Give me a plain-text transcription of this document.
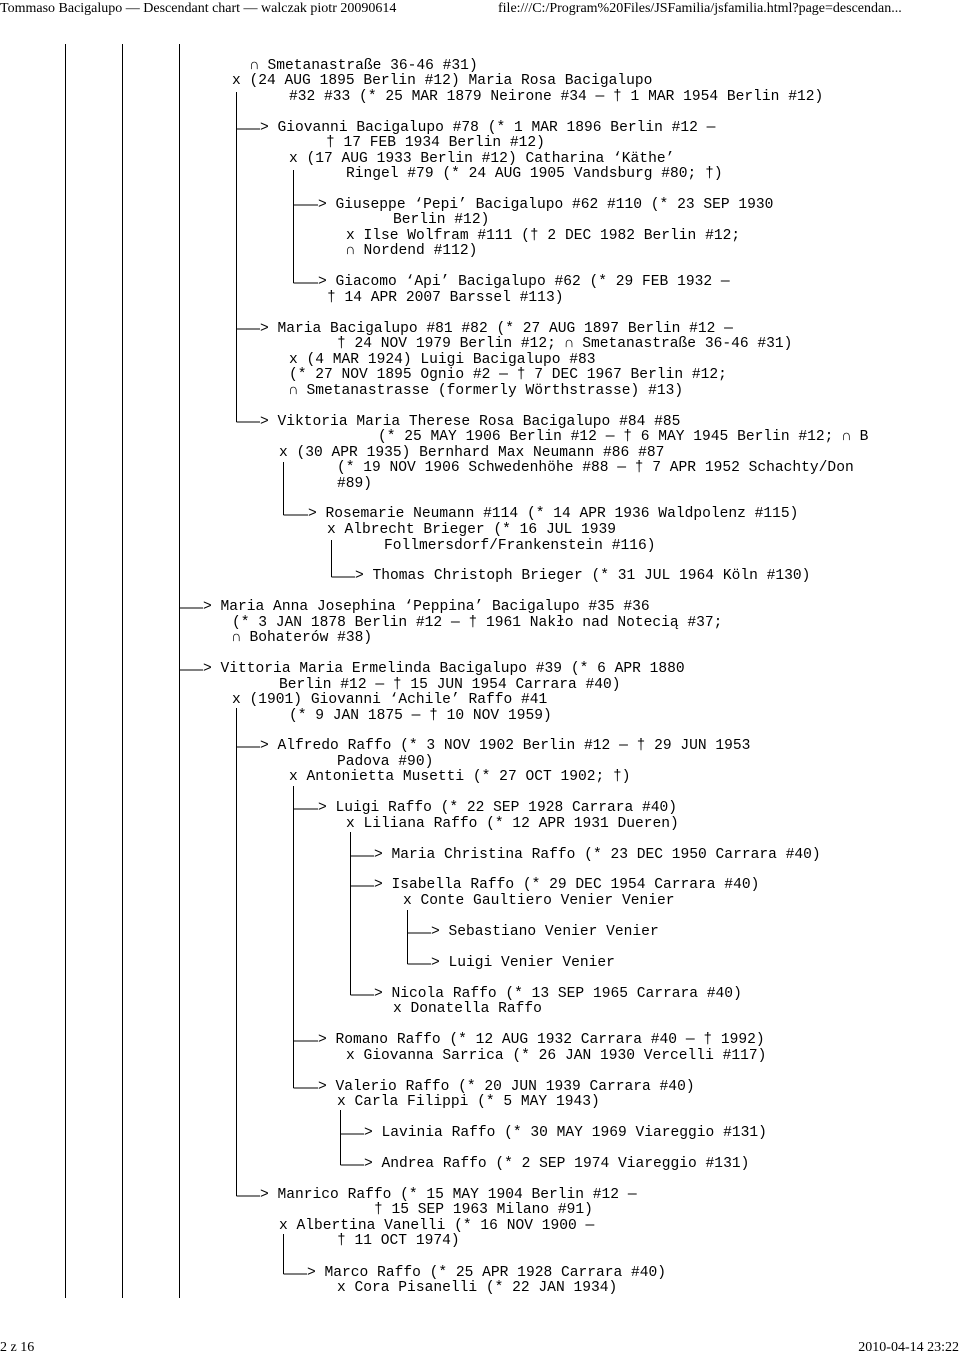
Tommaso Bacigalupo — Descendant chart — walczak piotr 20090614	file:///C:/Program%20Files/JSFamilia/jsfamilia.html?page=descendan...
∩ Smetanastraße 36-46 #31)
x (24 AUG 1895 Berlin #12) Maria Rosa Bacigalupo
#32 #33 (* 25 MAR 1879 Neirone #34 — † 1 MAR 1954 Berlin #12)
> Giovanni Bacigalupo #78 (* 1 MAR 1896 Berlin #12 —
† 17 FEB 1934 Berlin #12)
x (17 AUG 1933 Berlin #12) Catharina ‘Käthe’
Ringel #79 (* 24 AUG 1905 Vandsburg #80; †)
> Giuseppe ‘Pepi’ Bacigalupo #62 #110 (* 23 SEP 1930
Berlin #12)
x Ilse Wolfram #111 († 2 DEC 1982 Berlin #12;
∩ Nordend #112)
> Giacomo ‘Api’ Bacigalupo #62 (* 29 FEB 1932 —
† 14 APR 2007 Barssel #113)
> Maria Bacigalupo #81 #82 (* 27 AUG 1897 Berlin #12 —
† 24 NOV 1979 Berlin #12; ∩ Smetanastraße 36-46 #31)
x (4 MAR 1924) Luigi Bacigalupo #83
(* 27 NOV 1895 Ognio #2 — † 7 DEC 1967 Berlin #12;
∩ Smetanastrasse (formerly Wörthstrasse) #13)
> Viktoria Maria Therese Rosa Bacigalupo #84 #85
(* 25 MAY 1906 Berlin #12 — † 6 MAY 1945 Berlin #12; ∩ B
x (30 APR 1935) Bernhard Max Neumann #86 #87
(* 19 NOV 1906 Schwedenhöhe #88 — † 7 APR 1952 Schachty/Don
#89)
> Rosemarie Neumann #114 (* 14 APR 1936 Waldpolenz #115)
x Albrecht Brieger (* 16 JUL 1939
Follmersdorf/Frankenstein #116)
> Thomas Christoph Brieger (* 31 JUL 1964 Köln #130)
> Maria Anna Josephina ‘Peppina’ Bacigalupo #35 #36
(* 3 JAN 1878 Berlin #12 — † 1961 Nakło nad Notecią #37;
∩ Bohaterów #38)
> Vittoria Maria Ermelinda Bacigalupo #39 (* 6 APR 1880
Berlin #12 — † 15 JUN 1954 Carrara #40)
x (1901) Giovanni ‘Achile’ Raffo #41
(* 9 JAN 1875 — † 10 NOV 1959)
> Alfredo Raffo (* 3 NOV 1902 Berlin #12 — † 29 JUN 1953
Padova #90)
x Antonietta Musetti (* 27 OCT 1902; †)
> Luigi Raffo (* 22 SEP 1928 Carrara #40)
x Liliana Raffo (* 12 APR 1931 Dueren)
> Maria Christina Raffo (* 23 DEC 1950 Carrara #40)
> Isabella Raffo (* 29 DEC 1954 Carrara #40)
x Conte Gaultiero Venier Venier
> Sebastiano Venier Venier
> Luigi Venier Venier
> Nicola Raffo (* 13 SEP 1965 Carrara #40)
x Donatella Raffo
> Romano Raffo (* 12 AUG 1932 Carrara #40 — † 1992)
x Giovanna Sarrica (* 26 JAN 1930 Vercelli #117)
> Valerio Raffo (* 20 JUN 1939 Carrara #40)
x Carla Filippi (* 5 MAY 1943)
> Lavinia Raffo (* 30 MAY 1969 Viareggio #131)
> Andrea Raffo (* 2 SEP 1974 Viareggio #131)
> Manrico Raffo (* 15 MAY 1904 Berlin #12 —
† 15 SEP 1963 Milano #91)
x Albertina Vanelli (* 16 NOV 1900 —
† 11 OCT 1974)
> Marco Raffo (* 25 APR 1928 Carrara #40)
x Cora Pisanelli (* 22 JAN 1934)
2 z 16	2010-04-14 23:22
